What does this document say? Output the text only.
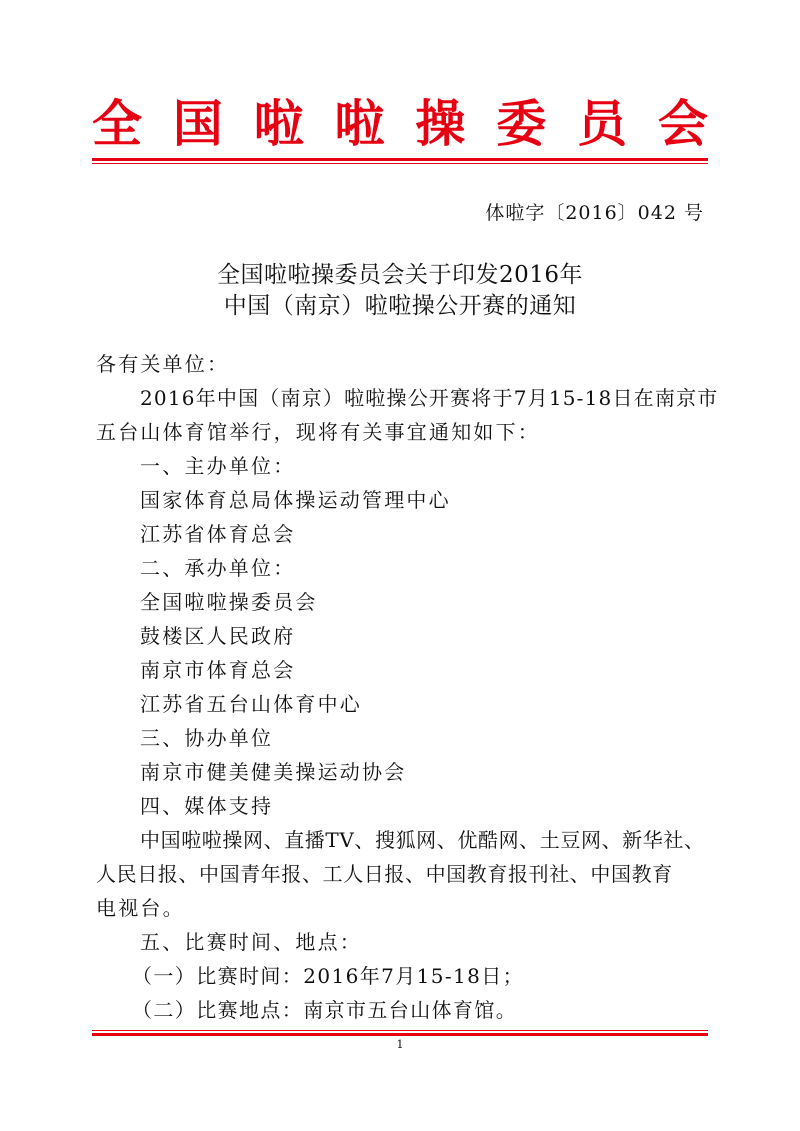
全 国 啦 啦 操 委 员 会
体啦字〔2016〕042 号
全国啦啦操委员会关于印发2016年
中国（南京）啦啦操公开赛的通知
各有关单位：
2016年中国（南京）啦啦操公开赛将于7月15-18日在南京市
五台山体育馆举行，现将有关事宜通知如下：
一、主办单位：
国家体育总局体操运动管理中心
江苏省体育总会
二、承办单位：
全国啦啦操委员会
鼓楼区人民政府
南京市体育总会
江苏省五台山体育中心
三、协办单位
南京市健美健美操运动协会
四、媒体支持
中国啦啦操网、直播TV、搜狐网、优酷网、土豆网、新华社、
人民日报、中国青年报、工人日报、中国教育报刊社、中国教育
电视台。
五、比赛时间、地点：
（一）比赛时间：2016年7月15-18日；
（二）比赛地点：南京市五台山体育馆。
1
